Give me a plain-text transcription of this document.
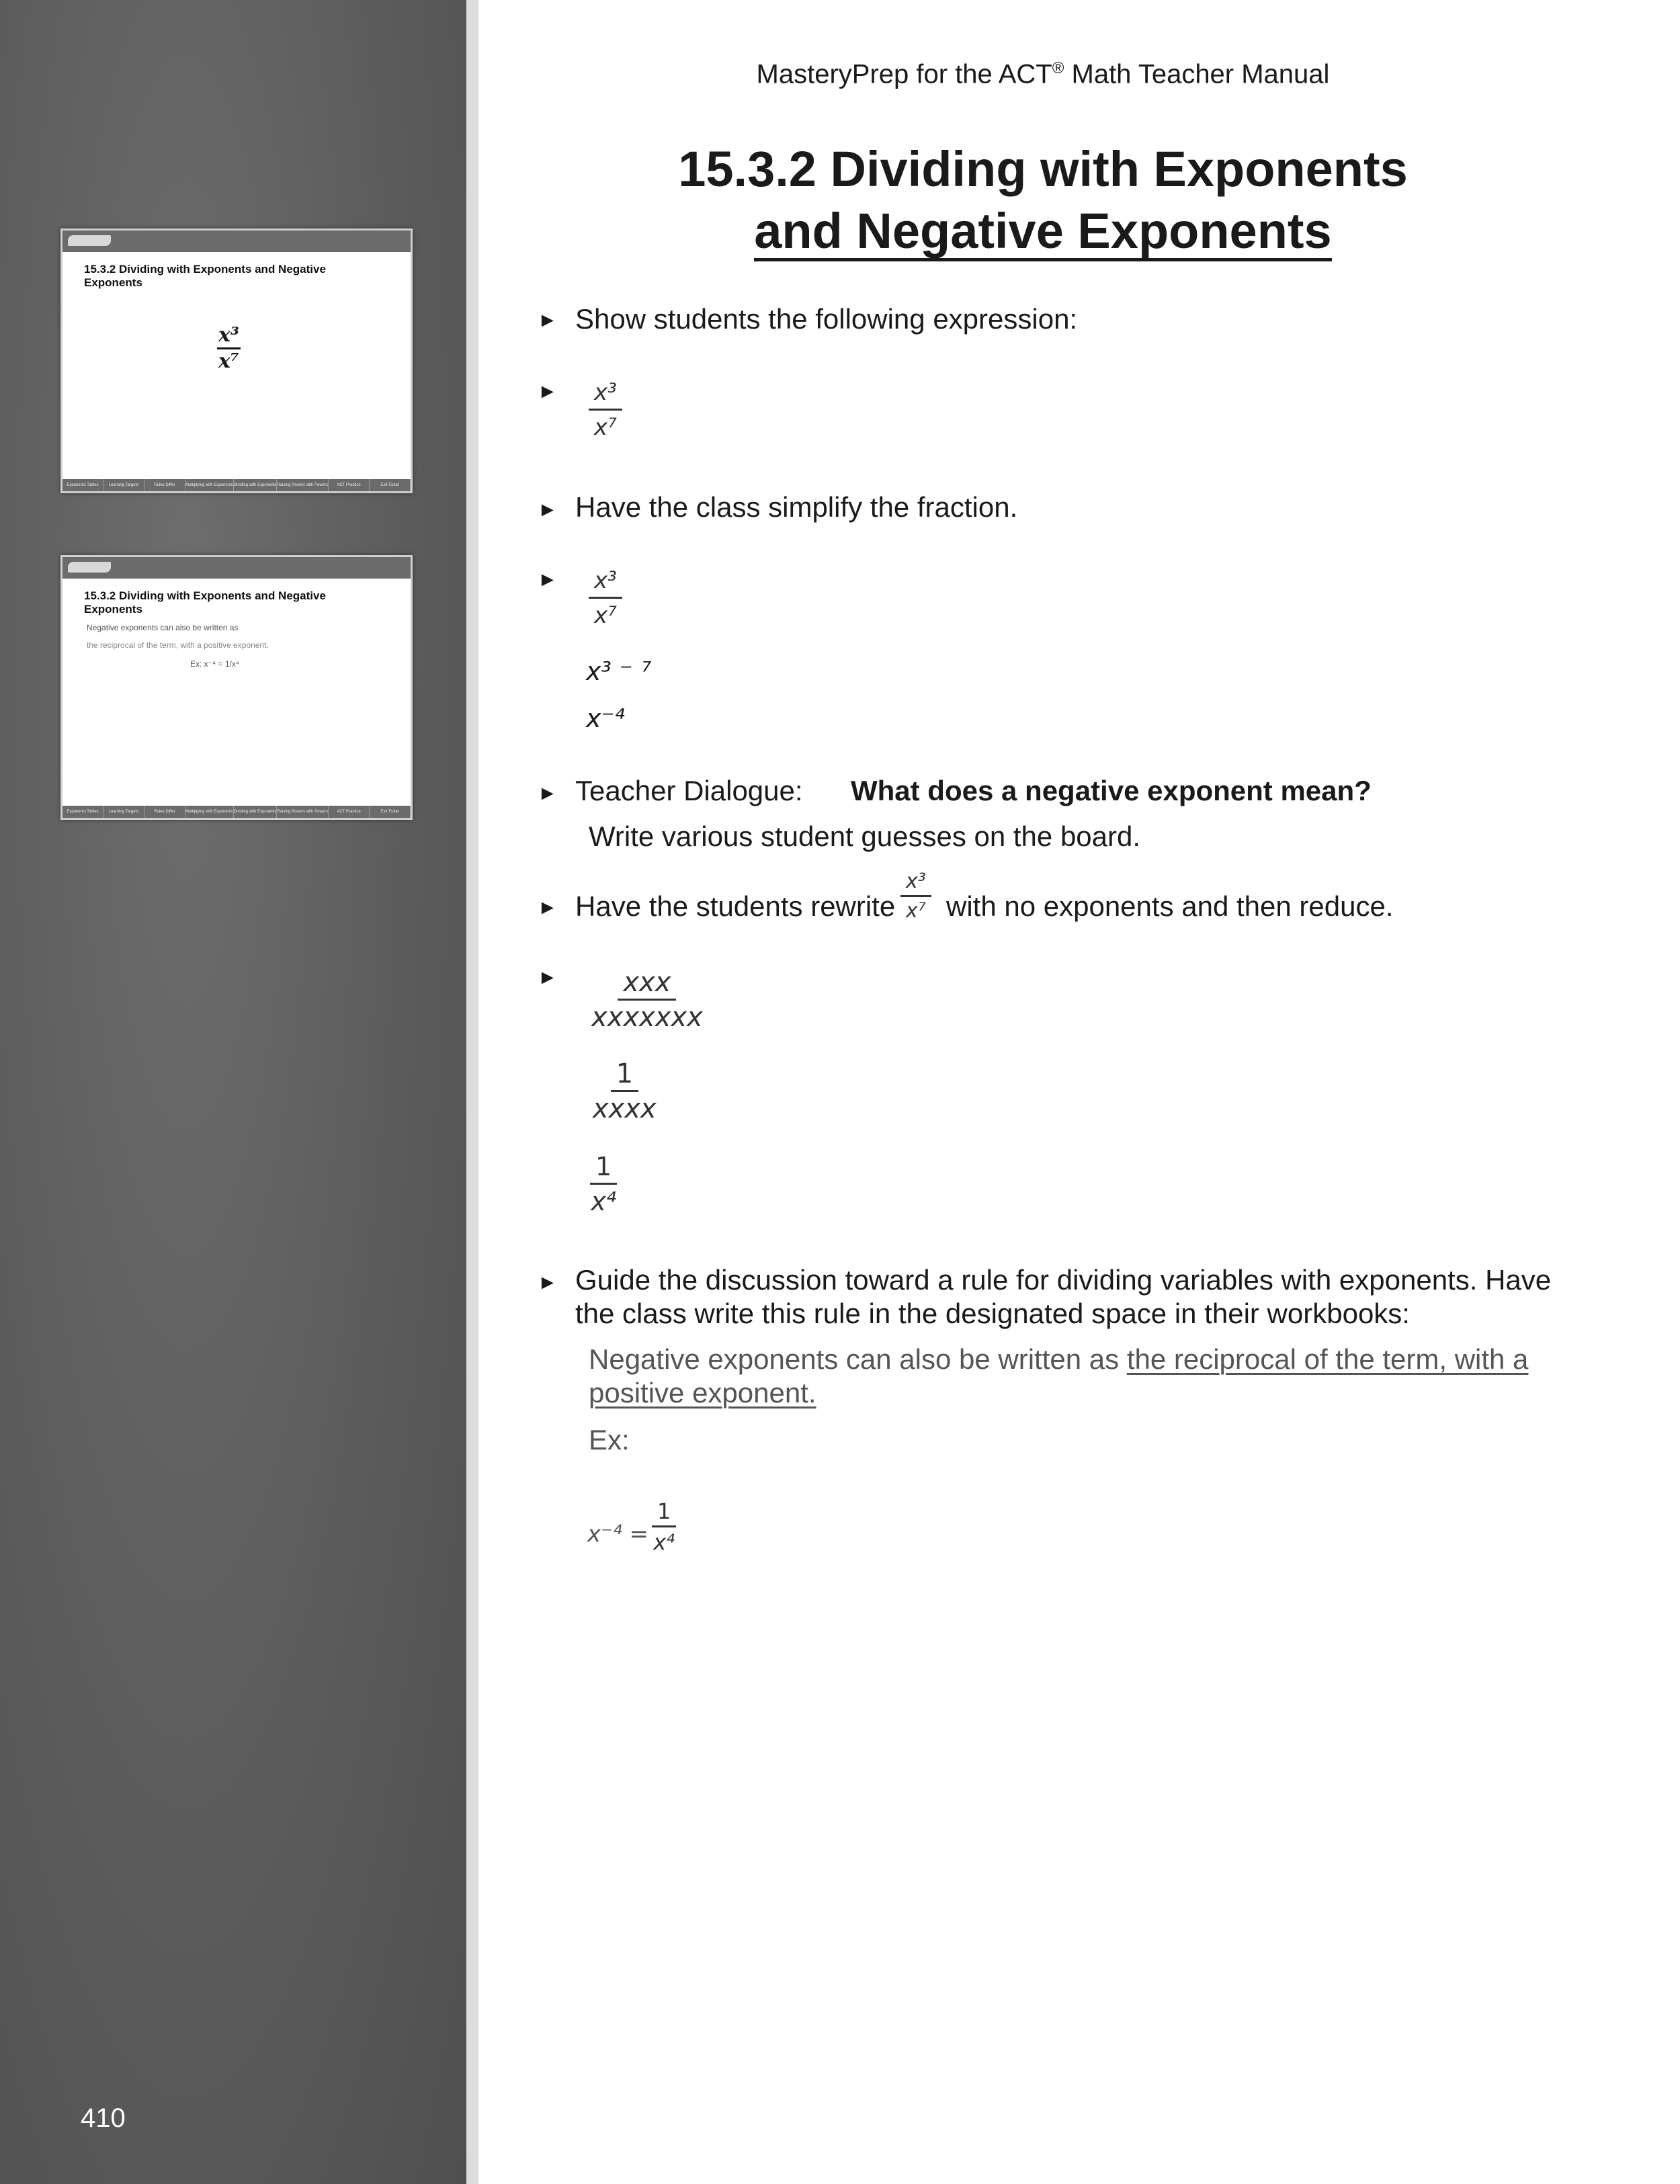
15.3.2 Dividing with Exponents and Negative Exponents
$\frac{\text{x³}}{\text{x⁷}}$
Exponents Tables	Learning Targets	Rules Differ	Multiplying with Exponents Dividing with Exponents Raising Powers with Powers	ACT Practice	Exit Ticket
15.3.2 Dividing with Exponents and Negative Exponents
Negative exponents can also be written as
the reciprocal of the term, with a positive exponent.
Ex: x⁻⁴ = 1/x⁴
Exponents Tables	Learning Targets	Rules Differ	Multiplying with Exponents Dividing with Exponents Raising Powers with Powers	ACT Practice	Exit Ticket
410
MasteryPrep for the ACT® Math Teacher Manual
15.3.2 Dividing with Exponents
and Negative Exponents
► Show students the following expression:
► $\frac{\text{x³}}{\text{x⁷}}$
► Have the class simplify the fraction.
► $\frac{\text{x³}}{\text{x⁷}}$
x³ ⁻ ⁷
x⁻⁴
► Teacher Dialogue: What does a negative exponent mean?
Write various student guesses on the board.
► Have the students rewrite $\frac{\text{x³}}{\text{x⁷}}$ with no exponents and then reduce.
► xxx
xxxxxxx
1
xxxx
$\frac{1}{\text{x⁴}}$
► Guide the discussion toward a rule for dividing variables with exponents. Have
the class write this rule in the designated space in their workbooks:
Negative exponents can also be written as the reciprocal of the term, with a
positive exponent.
Ex:
$x^{-4} = \frac{1}{\text{x⁴}}$
